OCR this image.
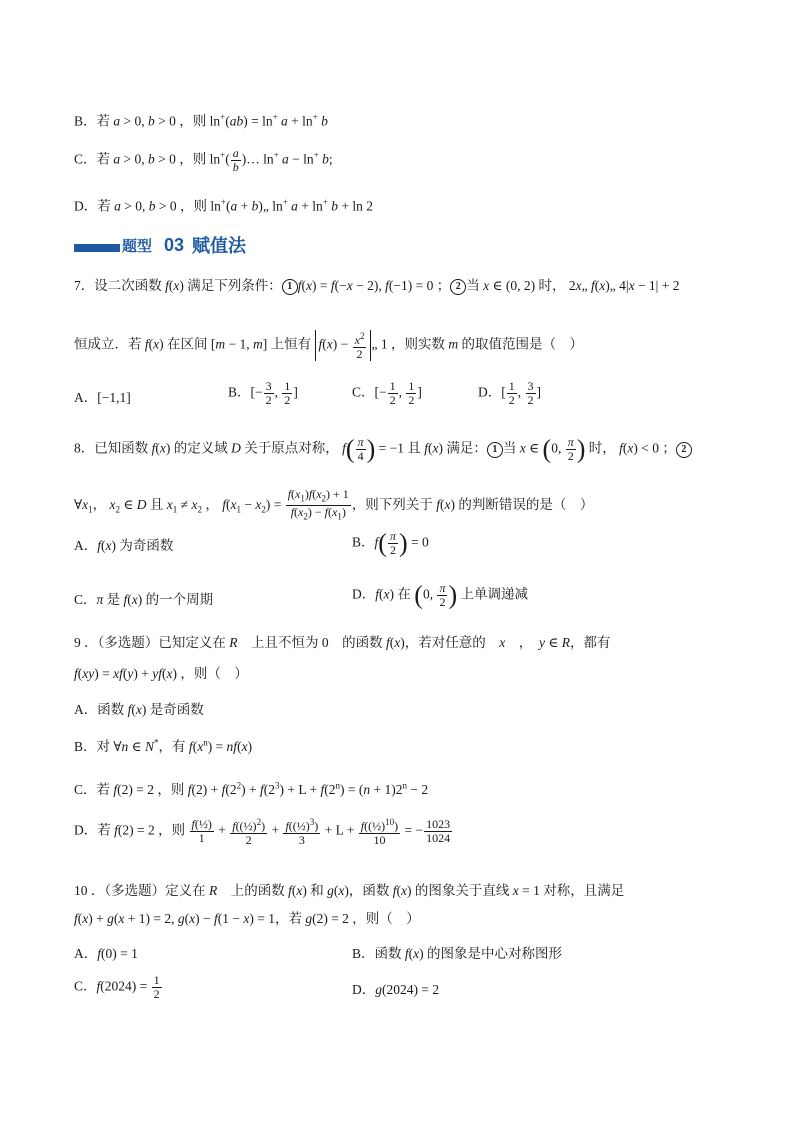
B．若 a > 0, b > 0 ，则 ln+(ab) = ln+ a + ln+ b
C．若 a > 0, b > 0 ，则 $\ln^+( \frac{a}{b}$ )… ln+ a − ln+ b;
D．若 a > 0, b > 0 ，则 ln+(a + b)„ ln+ a + ln+ b + ln 2
题型 03 赋值法
7．设二次函数 f(x) 满足下列条件： 1 f(x) = f(−x − 2), f(−1) = 0 ； 2 当 x ∈ (0, 2) 时， 2x„ f(x)„ 4|x − 1| + 2
恒成立．若 f(x) 在区间 [m − 1, m] 上恒有 $f(x) - \frac{x^2}{2}$ „ 1 ，则实数 m 的取值范围是（　）
A．[−1,1]	B．[− $\frac{3}{2}$ , $\frac{1}{2}$ ]	C．[− $\frac{1}{2}$ , $\frac{1}{2}$ ]	D．[ $\frac{1}{2}$ , $\frac{3}{2}$ ]
8．已知函数 f(x) 的定义域 D 关于原点对称， $f( \frac{\pi}{4}$ ) = −1 且 f(x) 满足： 1 当 x ∈ (0, $\frac{\pi}{2}$ ) 时， f(x) < 0 ； 2
$\forall x_1$， $x_2$ ∈ D 且 $x_1 \ne x_2$ ， $f(x_1 - x_2) = \frac{f(x_1)f(x_2) + 1}{f(x_2) - f(x_1)}$ ，则下列关于 f(x) 的判断错误的是（　）
A．f(x) 为奇函数	B．$f( \frac{\pi}{2}$ ) = 0
C．π 是 f(x) 的一个周期	D．f(x) 在 (0, $\frac{\pi}{2}$ ) 上单调递减
9 ．（多选题）已知定义在 R　上且不恒为 0　的函数 f(x)，若对任意的　x　，　y ∈ R，都有
f(xy) = xf(y) + yf(x) ，则（　）
A．函数 f(x) 是奇函数
B．对 ∀n ∈ N*，有 $f(x^n) = nf(x)$
C．若 f(2) = 2 ，则 $f(2) + f(2^2) + f(2^3) + L + f(2^n) = (n + 1)2^n - 2$
D．若 f(2) = 2 ，则 $\frac{\text{f(½)}}{1} + \frac{f((\frac{1}{2})^2)}{2} + \frac{f((\frac{1}{2})^3)}{3} + L + \frac{f((\frac{1}{2})^{10})}{10}$ = − $\frac{1023}{1024}$
10 ．（多选题）定义在 R　上的函数 f(x) 和 g(x)，函数 f(x) 的图象关于直线 x = 1 对称，且满足
f(x) + g(x + 1) = 2, g(x) − f(1 − x) = 1，若 g(2) = 2 ，则（　）
A．f(0) = 1	B．函数 f(x) 的图象是中心对称图形
C．$f(2024) = \frac{1}{2}$	D．g(2024) = 2
